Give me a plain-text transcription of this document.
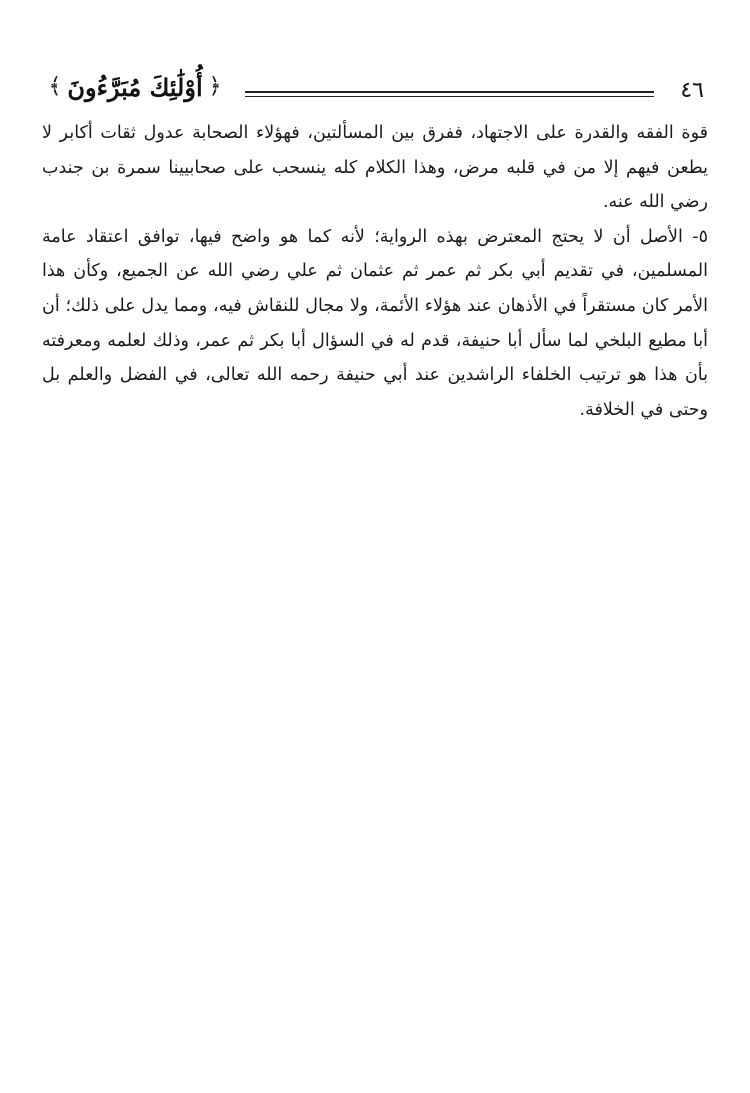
﴾ أُوْلَٰئِكَ مُبَرَّءُونَ ﴿	٤٦

قوة الفقه والقدرة على الاجتهاد، ففرق بين المسألتين، فهؤلاء الصحابة عدول ثقات أكابر لا يطعن فيهم إلا من في قلبه مرض، وهذا الكلام كله ينسحب على صحابيينا سمرة بن جندب رضي الله عنه.

٥- الأصل أن لا يحتج المعترض بهذه الرواية؛ لأنه كما هو واضح فيها، توافق اعتقاد عامة المسلمين، في تقديم أبي بكر ثم عمر ثم عثمان ثم علي رضي الله عن الجميع، وكأن هذا الأمر كان مستقراً في الأذهان عند هؤلاء الأئمة، ولا مجال للنقاش فيه، ومما يدل على ذلك؛ أن أبا مطيع البلخي لما سأل أبا حنيفة، قدم له في السؤال أبا بكر ثم عمر، وذلك لعلمه ومعرفته بأن هذا هو ترتيب الخلفاء الراشدين عند أبي حنيفة رحمه الله تعالى، في الفضل والعلم بل وحتى في الخلافة.
